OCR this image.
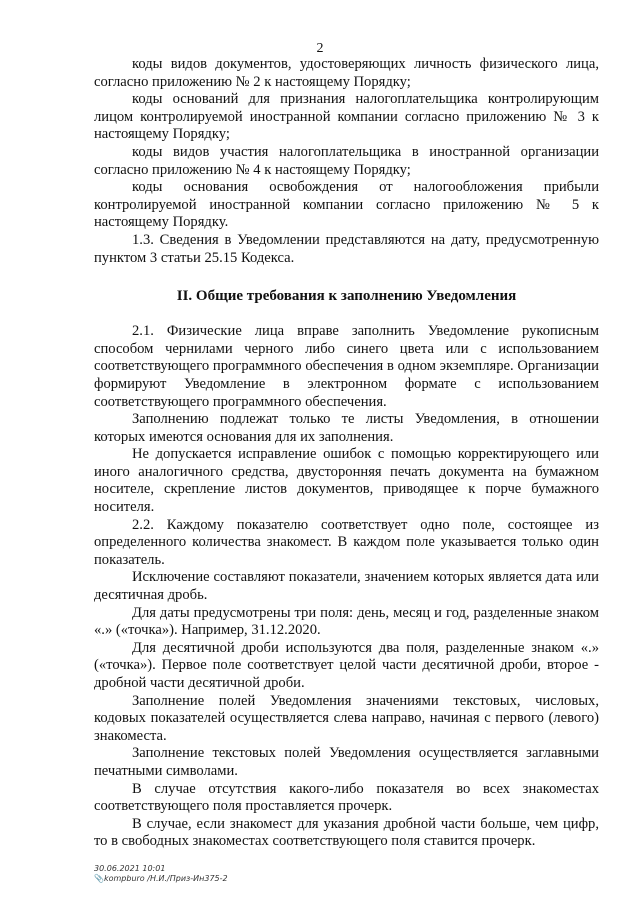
2

коды видов документов, удостоверяющих личность физического лица, согласно приложению № 2 к настоящему Порядку;

коды оснований для признания налогоплательщика контролирующим лицом контролируемой иностранной компании согласно приложению № 3 к настоящему Порядку;

коды видов участия налогоплательщика в иностранной организации согласно приложению № 4 к настоящему Порядку;

коды основания освобождения от налогообложения прибыли контролируемой иностранной компании согласно приложению № 5 к настоящему Порядку.

1.3. Сведения в Уведомлении представляются на дату, предусмотренную пунктом 3 статьи 25.15 Кодекса.

II. Общие требования к заполнению Уведомления

2.1. Физические лица вправе заполнить Уведомление рукописным способом чернилами черного либо синего цвета или с использованием соответствующего программного обеспечения в одном экземпляре. Организации формируют Уведомление в электронном формате с использованием соответствующего программного обеспечения.

Заполнению подлежат только те листы Уведомления, в отношении которых имеются основания для их заполнения.

Не допускается исправление ошибок с помощью корректирующего или иного аналогичного средства, двусторонняя печать документа на бумажном носителе, скрепление листов документов, приводящее к порче бумажного носителя.

2.2. Каждому показателю соответствует одно поле, состоящее из определенного количества знакомест. В каждом поле указывается только один показатель.

Исключение составляют показатели, значением которых является дата или десятичная дробь.

Для даты предусмотрены три поля: день, месяц и год, разделенные знаком «.» («точка»). Например, 31.12.2020.

Для десятичной дроби используются два поля, разделенные знаком «.» («точка»). Первое поле соответствует целой части десятичной дроби, второе - дробной части десятичной дроби.

Заполнение полей Уведомления значениями текстовых, числовых, кодовых показателей осуществляется слева направо, начиная с первого (левого) знакоместа.

Заполнение текстовых полей Уведомления осуществляется заглавными печатными символами.

В случае отсутствия какого-либо показателя во всех знакоместах соответствующего поля проставляется прочерк.

В случае, если знакомест для указания дробной части больше, чем цифр, то в свободных знакоместах соответствующего поля ставится прочерк.

30.06.2021 10:01
📎kompburo /Н.И./Приз-Ин375-2
